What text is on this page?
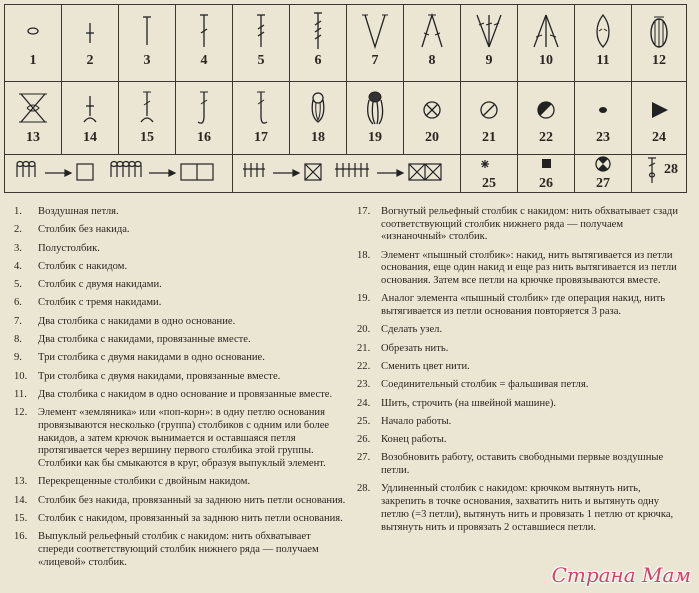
1	2	3	4	5	6	7	8	9	10	11	12

13	14	15	16	17	18	19	20	21	22	23	24

25	26	27	28
1.	Воздушная петля.
2.	Столбик без накида.
3.	Полустолбик.
4.	Столбик с накидом.
5.	Столбик с двумя накидами.
6.	Столбик с тремя накидами.
7.	Два столбика с накидами в одно основание.
8.	Два столбика с накидами, провязанные вместе.
9.	Три столбика с двумя накидами в одно основание.
10.	Три столбика с двумя накидами, провязанные вместе.
11.	Два столбика с накидом в одно основание и провязанные вместе.
12.	Элемент «земляника» или «поп-корн»: в одну петлю основания провязываются несколько (группа) столбиков с одним или более накидов, а затем крючок вынимается и оставшаяся петля протягивается через вершину первого столбика этой группы. Столбики как бы смыкаются в круг, образуя выпуклый элемент.
13.	Перекрещенные столбики с двойным накидом.
14.	Столбик без накида, провязанный за заднюю нить петли основания.
15.	Столбик с накидом, провязанный за заднюю нить петли основания.
16.	Выпуклый рельефный столбик с накидом: нить обхватывает спереди соответствующий столбик нижнего ряда — получаем «лицевой» столбик.
17.	Вогнутый рельефный столбик с накидом: нить обхватывает сзади соответствующий столбик нижнего ряда — получаем «изнаночный» столбик.
18.	Элемент «пышный столбик»: накид, нить вытягивается из петли основания, еще один накид и еще раз нить вытягивается из петли основания. Затем все петли на крючке провязываются вместе.
19.	Аналог элемента «пышный столбик» где операция накид, нить вытягивается из петли основания повторяется 3 раза.
20.	Сделать узел.
21.	Обрезать нить.
22.	Сменить цвет нити.
23.	Соединительный столбик = фальшивая петля.
24.	Шить, строчить (на швейной машине).
25.	Начало работы.
26.	Конец работы.
27.	Возобновить работу, оставить свободными первые воздушные петли.
28.	Удлиненный столбик с накидом: крючком вытянуть нить, закрепить в точке основания, захватить нить и вытянуть одну петлю (=3 петли), вытянуть нить и провязать 1 петлю от крючка, вытянуть нить и провязать 2 оставшиеся петли.
Страна Мам
